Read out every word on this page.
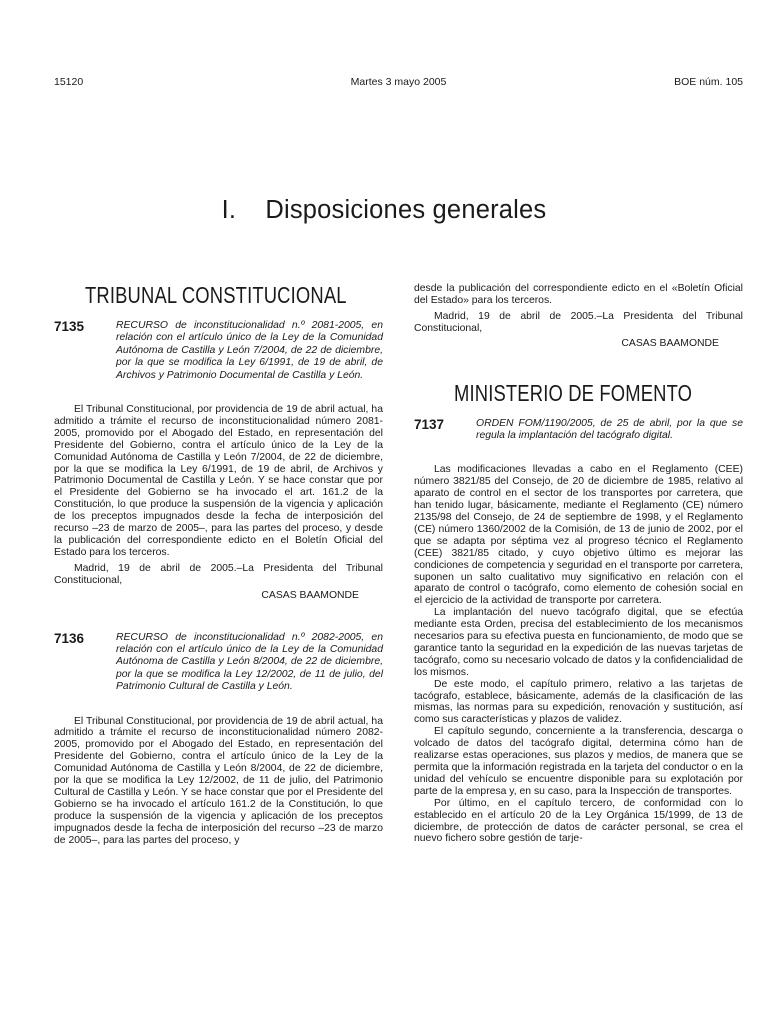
15120	Martes 3 mayo 2005	BOE núm. 105
I.    Disposiciones generales
TRIBUNAL CONSTITUCIONAL
7135	RECURSO de inconstitucionalidad n.º 2081-2005, en relación con el artículo único de la Ley de la Comunidad Autónoma de Castilla y León 7/2004, de 22 de diciembre, por la que se modifica la Ley 6/1991, de 19 de abril, de Archivos y Patrimonio Documental de Castilla y León.

El Tribunal Constitucional, por providencia de 19 de abril actual, ha admitido a trámite el recurso de inconstitucionalidad número 2081-2005, promovido por el Abogado del Estado, en representación del Presidente del Gobierno, contra el artículo único de la Ley de la Comunidad Autónoma de Castilla y León 7/2004, de 22 de diciembre, por la que se modifica la Ley 6/1991, de 19 de abril, de Archivos y Patrimonio Documental de Castilla y León. Y se hace constar que por el Presidente del Gobierno se ha invocado el art. 161.2 de la Constitución, lo que produce la suspensión de la vigencia y aplicación de los preceptos impugnados desde la fecha de interposición del recurso –23 de marzo de 2005–, para las partes del proceso, y desde la publicación del correspondiente edicto en el Boletín Oficial del Estado para los terceros.

Madrid, 19 de abril de 2005.–La Presidenta del Tribunal Constitucional,

CASAS BAAMONDE
7136	RECURSO de inconstitucionalidad n.º 2082-2005, en relación con el artículo único de la Ley de la Comunidad Autónoma de Castilla y León 8/2004, de 22 de diciembre, por la que se modifica la Ley 12/2002, de 11 de julio, del Patrimonio Cultural de Castilla y León.

El Tribunal Constitucional, por providencia de 19 de abril actual, ha admitido a trámite el recurso de inconstitucionalidad número 2082-2005, promovido por el Abogado del Estado, en representación del Presidente del Gobierno, contra el artículo único de la Ley de la Comunidad Autónoma de Castilla y León 8/2004, de 22 de diciembre, por la que se modifica la Ley 12/2002, de 11 de julio, del Patrimonio Cultural de Castilla y León. Y se hace constar que por el Presidente del Gobierno se ha invocado el artículo 161.2 de la Constitución, lo que produce la suspensión de la vigencia y aplicación de los preceptos impugnados desde la fecha de interposición del recurso –23 de marzo de 2005–, para las partes del proceso, y

desde la publicación del correspondiente edicto en el «Boletín Oficial del Estado» para los terceros.

Madrid, 19 de abril de 2005.–La Presidenta del Tribunal Constitucional,

CASAS BAAMONDE
MINISTERIO DE FOMENTO
7137	ORDEN FOM/1190/2005, de 25 de abril, por la que se regula la implantación del tacógrafo digital.

Las modificaciones llevadas a cabo en el Reglamento (CEE) número 3821/85 del Consejo, de 20 de diciembre de 1985, relativo al aparato de control en el sector de los transportes por carretera, que han tenido lugar, básicamente, mediante el Reglamento (CE) número 2135/98 del Consejo, de 24 de septiembre de 1998, y el Reglamento (CE) número 1360/2002 de la Comisión, de 13 de junio de 2002, por el que se adapta por séptima vez al progreso técnico el Reglamento (CEE) 3821/85 citado, y cuyo objetivo último es mejorar las condiciones de competencia y seguridad en el transporte por carretera, suponen un salto cualitativo muy significativo en relación con el aparato de control o tacógrafo, como elemento de cohesión social en el ejercicio de la actividad de transporte por carretera.

La implantación del nuevo tacógrafo digital, que se efectúa mediante esta Orden, precisa del establecimiento de los mecanismos necesarios para su efectiva puesta en funcionamiento, de modo que se garantice tanto la seguridad en la expedición de las nuevas tarjetas de tacógrafo, como su necesario volcado de datos y la confidencialidad de los mismos.

De este modo, el capítulo primero, relativo a las tarjetas de tacógrafo, establece, básicamente, además de la clasificación de las mismas, las normas para su expedición, renovación y sustitución, así como sus características y plazos de validez.

El capítulo segundo, concerniente a la transferencia, descarga o volcado de datos del tacógrafo digital, determina cómo han de realizarse estas operaciones, sus plazos y medios, de manera que se permita que la información registrada en la tarjeta del conductor o en la unidad del vehículo se encuentre disponible para su explotación por parte de la empresa y, en su caso, para la Inspección de transportes.

Por último, en el capítulo tercero, de conformidad con lo establecido en el artículo 20 de la Ley Orgánica 15/1999, de 13 de diciembre, de protección de datos de carácter personal, se crea el nuevo fichero sobre gestión de tarje-
